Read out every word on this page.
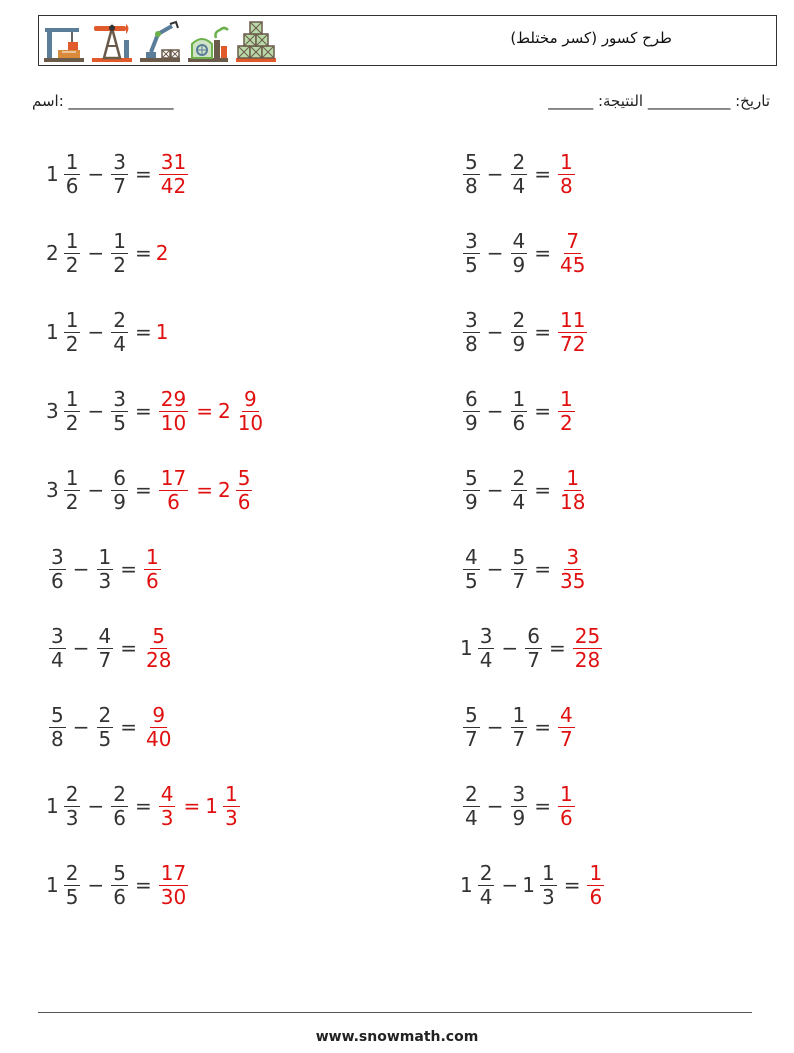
طرح کسور (کسر مختلط)
اسم: ______________	______ :تاریخ: ___________ النتيجة
$1 \frac{1}{6} - \frac{3}{7} = \frac{31}{42}$	$\frac{5}{8} - \frac{2}{4} = \frac{1}{8}$
$2 \frac{1}{2} - \frac{1}{2} = 2$	$\frac{3}{5} - \frac{4}{9} = \frac{7}{45}$
$1 \frac{1}{2} - \frac{2}{4} = 1$	$\frac{3}{8} - \frac{2}{9} = \frac{11}{72}$
$3 \frac{1}{2} - \frac{3}{5} = \frac{29}{10} = 2 \frac{9}{10}$	$\frac{6}{9} - \frac{1}{6} = \frac{1}{2}$
$3 \frac{1}{2} - \frac{6}{9} = \frac{17}{6} = 2 \frac{5}{6}$	$\frac{5}{9} - \frac{2}{4} = \frac{1}{18}$
$\frac{3}{6} - \frac{1}{3} = \frac{1}{6}$	$\frac{4}{5} - \frac{5}{7} = \frac{3}{35}$
$\frac{3}{4} - \frac{4}{7} = \frac{5}{28}$	$1 \frac{3}{4} - \frac{6}{7} = \frac{25}{28}$
$\frac{5}{8} - \frac{2}{5} = \frac{9}{40}$	$\frac{5}{7} - \frac{1}{7} = \frac{4}{7}$
$1 \frac{2}{3} - \frac{2}{6} = \frac{4}{3} = 1 \frac{1}{3}$	$\frac{2}{4} - \frac{3}{9} = \frac{1}{6}$
$1 \frac{2}{5} - \frac{5}{6} = \frac{17}{30}$	$1 \frac{2}{4} - 1 \frac{1}{3} = \frac{1}{6}$
www.snowmath.com
